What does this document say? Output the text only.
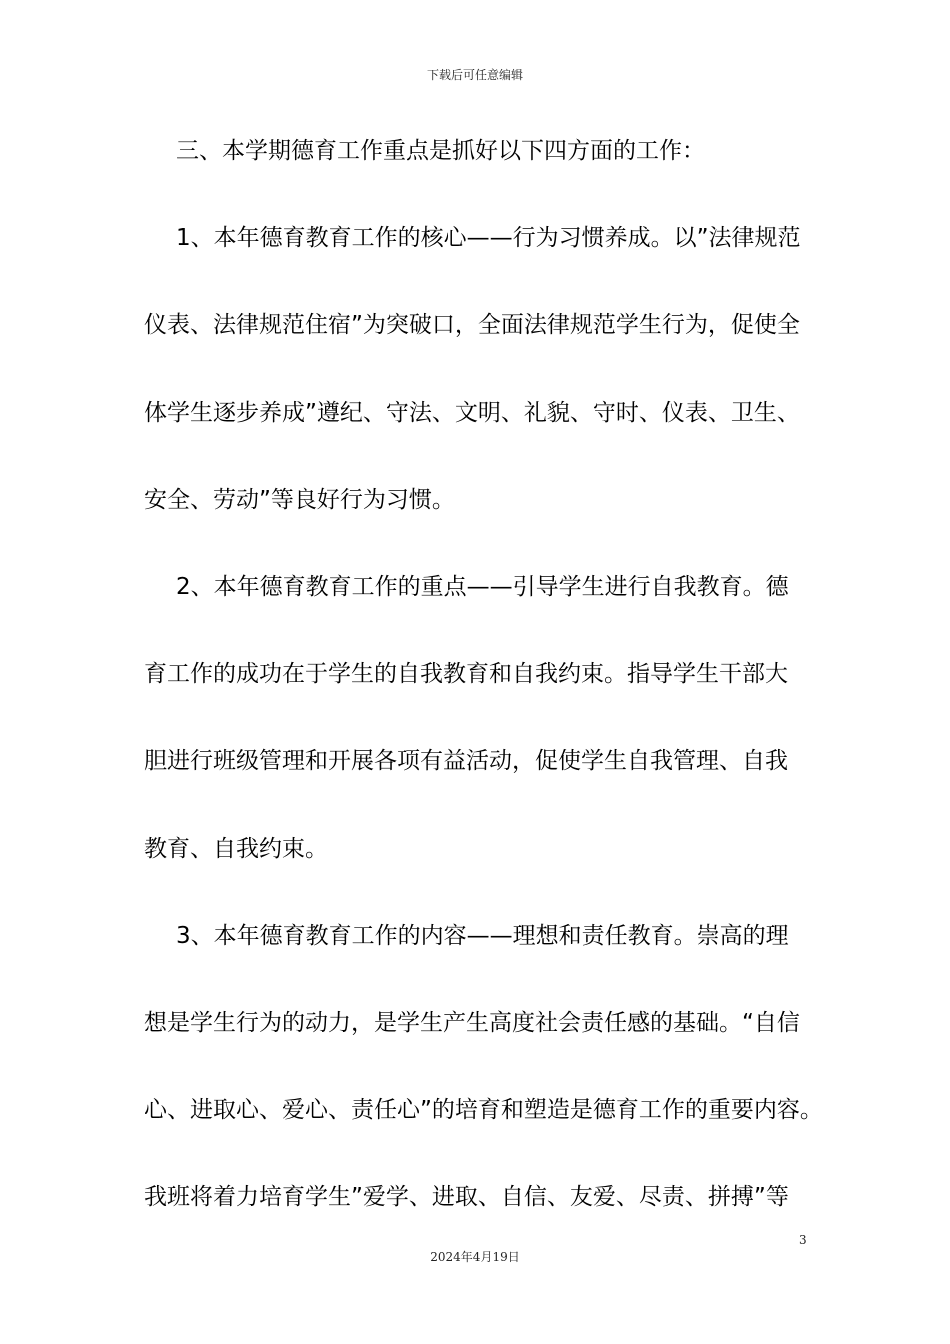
下载后可任意编辑
三、本学期德育工作重点是抓好以下四方面的工作：
1、本年德育教育工作的核心——行为习惯养成。以”法律规范
仪表、法律规范住宿”为突破口，全面法律规范学生行为，促使全
体学生逐步养成”遵纪、守法、文明、礼貌、守时、仪表、卫生、
安全、劳动”等良好行为习惯。
2、本年德育教育工作的重点——引导学生进行自我教育。德
育工作的成功在于学生的自我教育和自我约束。指导学生干部大
胆进行班级管理和开展各项有益活动，促使学生自我管理、自我
教育、自我约束。
3、本年德育教育工作的内容——理想和责任教育。崇高的理
想是学生行为的动力，是学生产生高度社会责任感的基础。“自信
心、进取心、爱心、责任心”的培育和塑造是德育工作的重要内容。
我班将着力培育学生”爱学、进取、自信、友爱、尽责、拼搏”等
3
2024年4月19日
